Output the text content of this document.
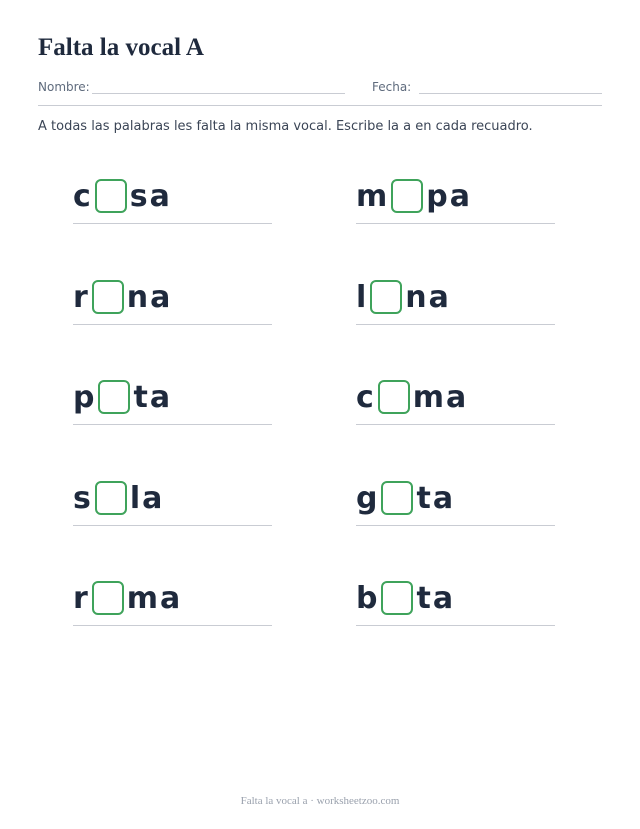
Falta la vocal A
Nombre:	Fecha:
A todas las palabras les falta la misma vocal. Escribe la a en cada recuadro.
c sa	m pa
r na	l na
p ta	c ma
s la	g ta
r ma	b ta
Falta la vocal a · worksheetzoo.com
